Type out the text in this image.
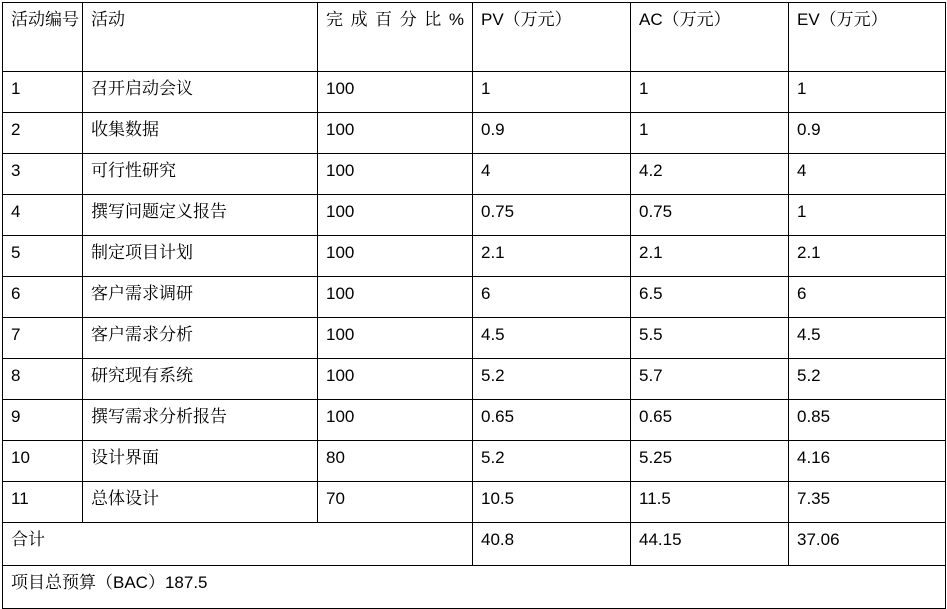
活动编号	活动	完成百分比%	PV（万元）	AC（万元）	EV（万元）
1	召开启动会议	100	1	1	1
2	收集数据	100	0.9	1	0.9
3	可行性研究	100	4	4.2	4
4	撰写问题定义报告	100	0.75	0.75	1
5	制定项目计划	100	2.1	2.1	2.1
6	客户需求调研	100	6	6.5	6
7	客户需求分析	100	4.5	5.5	4.5
8	研究现有系统	100	5.2	5.7	5.2
9	撰写需求分析报告	100	0.65	0.65	0.85
10	设计界面	80	5.2	5.25	4.16
11	总体设计	70	10.5	11.5	7.35
合计			40.8	44.15	37.06
项目总预算（BAC）187.5					
